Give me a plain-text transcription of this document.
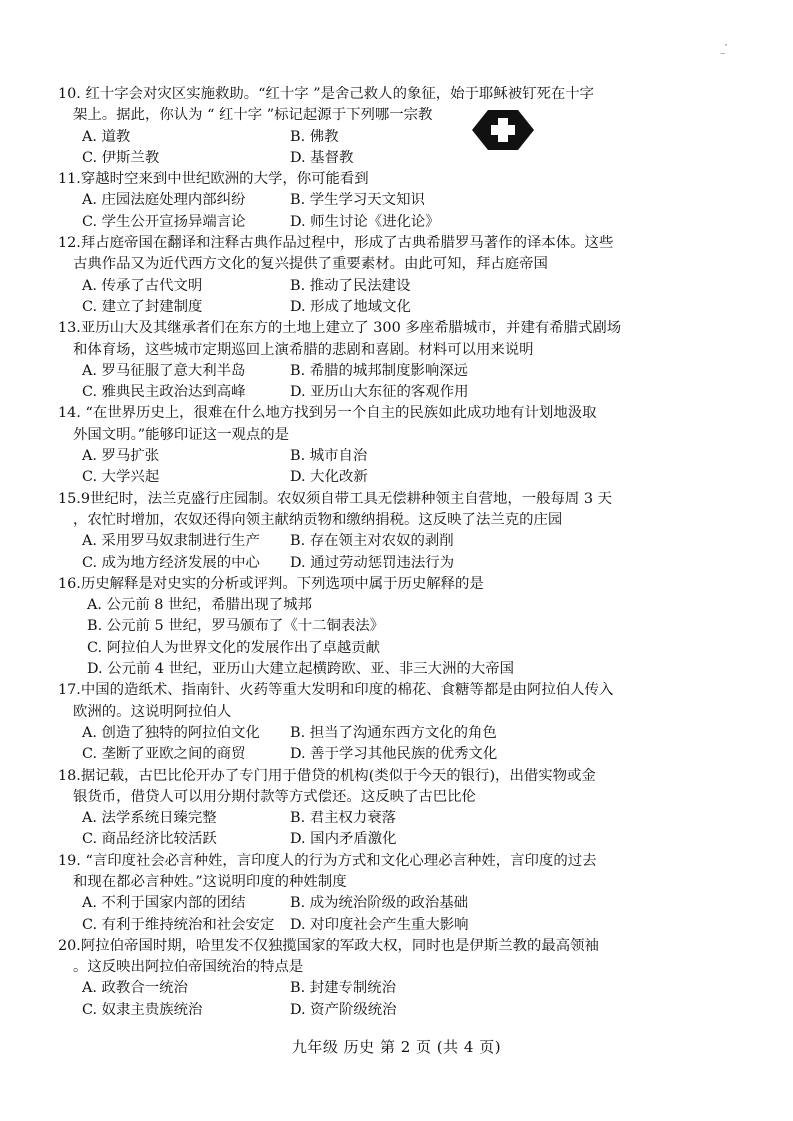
_′
10. 红十字会对灾区实施救助。“红十字 ”是舍己救人的象征，始于耶稣被钉死在十字
架上。据此，你认为 “ 红十字 ”标记起源于下列哪一宗教
A. 道教	B. 佛教
C. 伊斯兰教	D. 基督教
11.穿越时空来到中世纪欧洲的大学，你可能看到
A. 庄园法庭处理内部纠纷	B. 学生学习天文知识
C. 学生公开宣扬异端言论	D. 师生讨论《进化论》
12.拜占庭帝国在翻译和注释古典作品过程中，形成了古典希腊罗马著作的译本体。这些
古典作品又为近代西方文化的复兴提供了重要素材。由此可知，拜占庭帝国
A. 传承了古代文明	B. 推动了民法建设
C. 建立了封建制度	D. 形成了地域文化
13.亚历山大及其继承者们在东方的土地上建立了 300 多座希腊城市，并建有希腊式剧场
和体育场，这些城市定期巡回上演希腊的悲剧和喜剧。材料可以用来说明
A. 罗马征服了意大利半岛	B. 希腊的城邦制度影响深远
C. 雅典民主政治达到高峰	D. 亚历山大东征的客观作用
14. “在世界历史上，很难在什么地方找到另一个自主的民族如此成功地有计划地汲取
外国文明。”能够印证这一观点的是
A. 罗马扩张	B. 城市自治
C. 大学兴起	D. 大化改新
15.9世纪时，法兰克盛行庄园制。农奴须自带工具无偿耕种领主自营地，一般每周 3 天
，农忙时增加，农奴还得向领主献纳贡物和缴纳捐税。这反映了法兰克的庄园
A. 采用罗马奴隶制进行生产	B. 存在领主对农奴的剥削
C. 成为地方经济发展的中心	D. 通过劳动惩罚违法行为
16.历史解释是对史实的分析或评判。下列选项中属于历史解释的是
A. 公元前 8 世纪，希腊出现了城邦
B. 公元前 5 世纪，罗马颁布了《十二铜表法》
C. 阿拉伯人为世界文化的发展作出了卓越贡献
D. 公元前 4 世纪，亚历山大建立起横跨欧、亚、非三大洲的大帝国
17.中国的造纸术、指南针、火药等重大发明和印度的棉花、食糖等都是由阿拉伯人传入
欧洲的。这说明阿拉伯人
A. 创造了独特的阿拉伯文化	B. 担当了沟通东西方文化的角色
C. 垄断了亚欧之间的商贸	D. 善于学习其他民族的优秀文化
18.据记载，古巴比伦开办了专门用于借贷的机构(类似于今天的银行)，出借实物或金
银货币，借贷人可以用分期付款等方式偿还。这反映了古巴比伦
A. 法学系统日臻完整	B. 君主权力衰落
C. 商品经济比较活跃	D. 国内矛盾激化
19. “言印度社会必言种姓，言印度人的行为方式和文化心理必言种姓，言印度的过去
和现在都必言种姓。”这说明印度的种姓制度
A. 不利于国家内部的团结	B. 成为统治阶级的政治基础
C. 有利于维持统治和社会安定	D. 对印度社会产生重大影响
20.阿拉伯帝国时期，哈里发不仅独揽国家的军政大权，同时也是伊斯兰教的最高领袖
。这反映出阿拉伯帝国统治的特点是
A. 政教合一统治	B. 封建专制统治
C. 奴隶主贵族统治	D. 资产阶级统治
九年级 历史 第 2 页 (共 4 页)
